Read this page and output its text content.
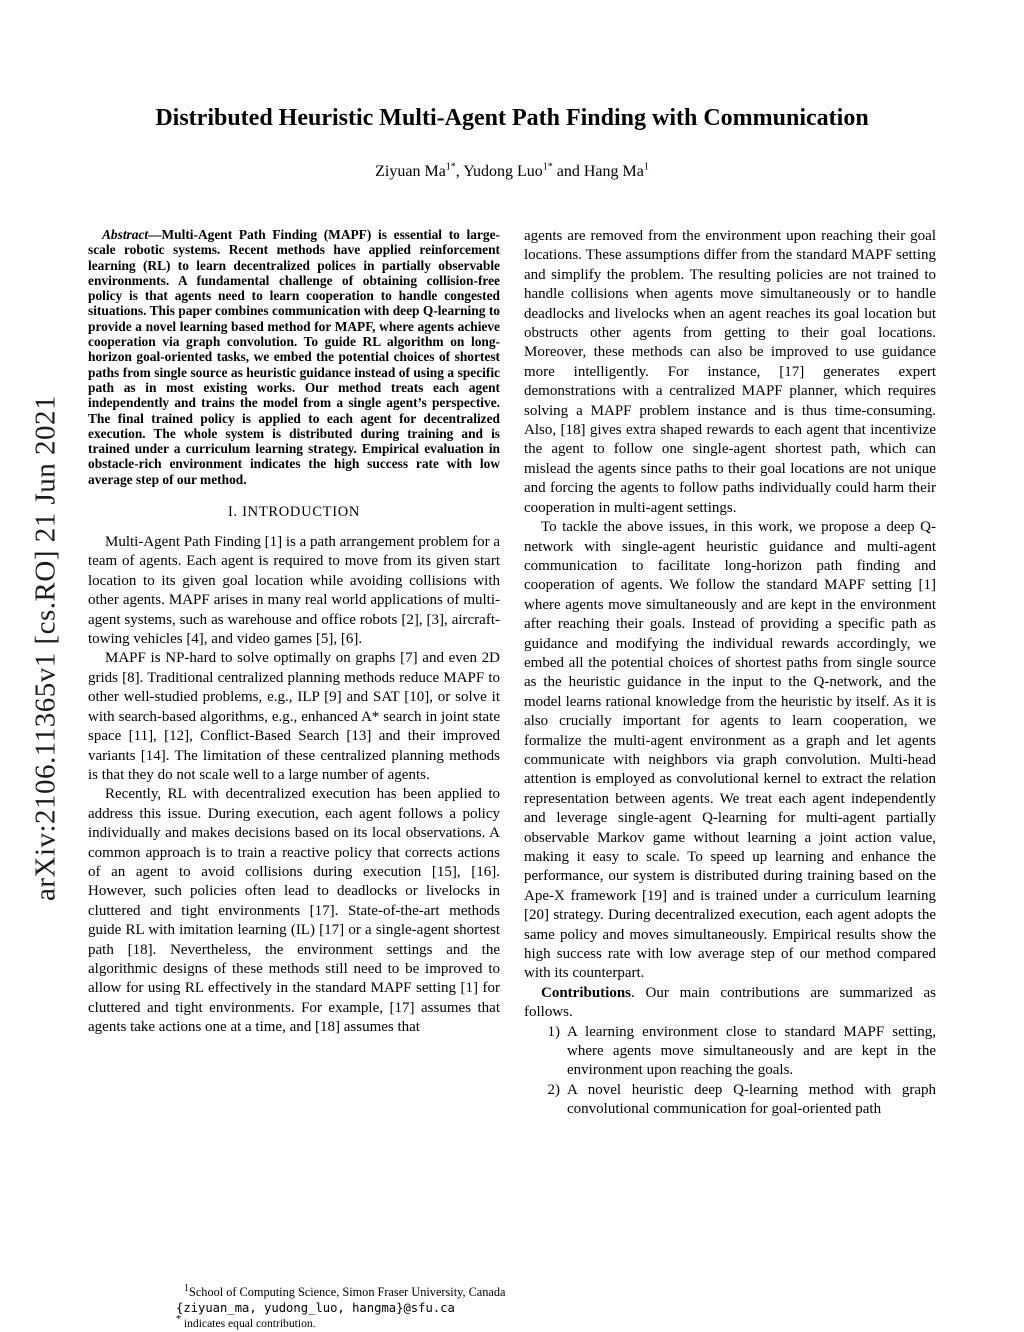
arXiv:2106.11365v1 [cs.RO] 21 Jun 2021
Distributed Heuristic Multi-Agent Path Finding with Communication
Ziyuan $Ma^{1*}$, Yudong Luo$^{1*}$ and Hang Ma$^1$

Abstract—Multi-Agent Path Finding (MAPF) is essential to large-scale robotic systems. Recent methods have applied reinforcement learning (RL) to learn decentralized polices in partially observable environments. A fundamental challenge of obtaining collision-free policy is that agents need to learn cooperation to handle congested situations. This paper combines communication with deep Q-learning to provide a novel learning based method for MAPF, where agents achieve cooperation via graph convolution. To guide RL algorithm on long-horizon goal-oriented tasks, we embed the potential choices of shortest paths from single source as heuristic guidance instead of using a specific path as in most existing works. Our method treats each agent independently and trains the model from a single agent’s perspective. The final trained policy is applied to each agent for decentralized execution. The whole system is distributed during training and is trained under a curriculum learning strategy. Empirical evaluation in obstacle-rich environment indicates the high success rate with low average step of our method.

I. INTRODUCTION

Multi-Agent Path Finding [1] is a path arrangement problem for a team of agents. Each agent is required to move from its given start location to its given goal location while avoiding collisions with other agents. MAPF arises in many real world applications of multi-agent systems, such as warehouse and office robots [2], [3], aircraft-towing vehicles [4], and video games [5], [6].

MAPF is NP-hard to solve optimally on graphs [7] and even 2D grids [8]. Traditional centralized planning methods reduce MAPF to other well-studied problems, e.g., ILP [9] and SAT [10], or solve it with search-based algorithms, e.g., enhanced A* search in joint state space [11], [12], Conflict-Based Search [13] and their improved variants [14]. The limitation of these centralized planning methods is that they do not scale well to a large number of agents.

Recently, RL with decentralized execution has been applied to address this issue. During execution, each agent follows a policy individually and makes decisions based on its local observations. A common approach is to train a reactive policy that corrects actions of an agent to avoid collisions during execution [15], [16]. However, such policies often lead to deadlocks or livelocks in cluttered and tight environments [17]. State-of-the-art methods guide RL with imitation learning (IL) [17] or a single-agent shortest path [18]. Nevertheless, the environment settings and the algorithmic designs of these methods still need to be improved to allow for using RL effectively in the standard MAPF setting [1] for cluttered and tight environments. For example, [17] assumes that agents take actions one at a time, and [18] assumes that

agents are removed from the environment upon reaching their goal locations. These assumptions differ from the standard MAPF setting and simplify the problem. The resulting policies are not trained to handle collisions when agents move simultaneously or to handle deadlocks and livelocks when an agent reaches its goal location but obstructs other agents from getting to their goal locations. Moreover, these methods can also be improved to use guidance more intelligently. For instance, [17] generates expert demonstrations with a centralized MAPF planner, which requires solving a MAPF problem instance and is thus time-consuming. Also, [18] gives extra shaped rewards to each agent that incentivize the agent to follow one single-agent shortest path, which can mislead the agents since paths to their goal locations are not unique and forcing the agents to follow paths individually could harm their cooperation in multi-agent settings.

To tackle the above issues, in this work, we propose a deep Q-network with single-agent heuristic guidance and multi-agent communication to facilitate long-horizon path finding and cooperation of agents. We follow the standard MAPF setting [1] where agents move simultaneously and are kept in the environment after reaching their goals. Instead of providing a specific path as guidance and modifying the individual rewards accordingly, we embed all the potential choices of shortest paths from single source as the heuristic guidance in the input to the Q-network, and the model learns rational knowledge from the heuristic by itself. As it is also crucially important for agents to learn cooperation, we formalize the multi-agent environment as a graph and let agents communicate with neighbors via graph convolution. Multi-head attention is employed as convolutional kernel to extract the relation representation between agents. We treat each agent independently and leverage single-agent Q-learning for multi-agent partially observable Markov game without learning a joint action value, making it easy to scale. To speed up learning and enhance the performance, our system is distributed during training based on the Ape-X framework [19] and is trained under a curriculum learning [20] strategy. During decentralized execution, each agent adopts the same policy and moves simultaneously. Empirical results show the high success rate with low average step of our method compared with its counterpart.

Contributions. Our main contributions are summarized as follows.

1) A learning environment close to standard MAPF setting, where agents move simultaneously and are kept in the environment upon reaching the goals.
2) A novel heuristic deep Q-learning method with graph convolutional communication for goal-oriented path
$^1$School of Computing Science, Simon Fraser University, Canada
{ziyuan_ma, yudong_luo, hangma}@sfu.ca
* indicates equal contribution.
